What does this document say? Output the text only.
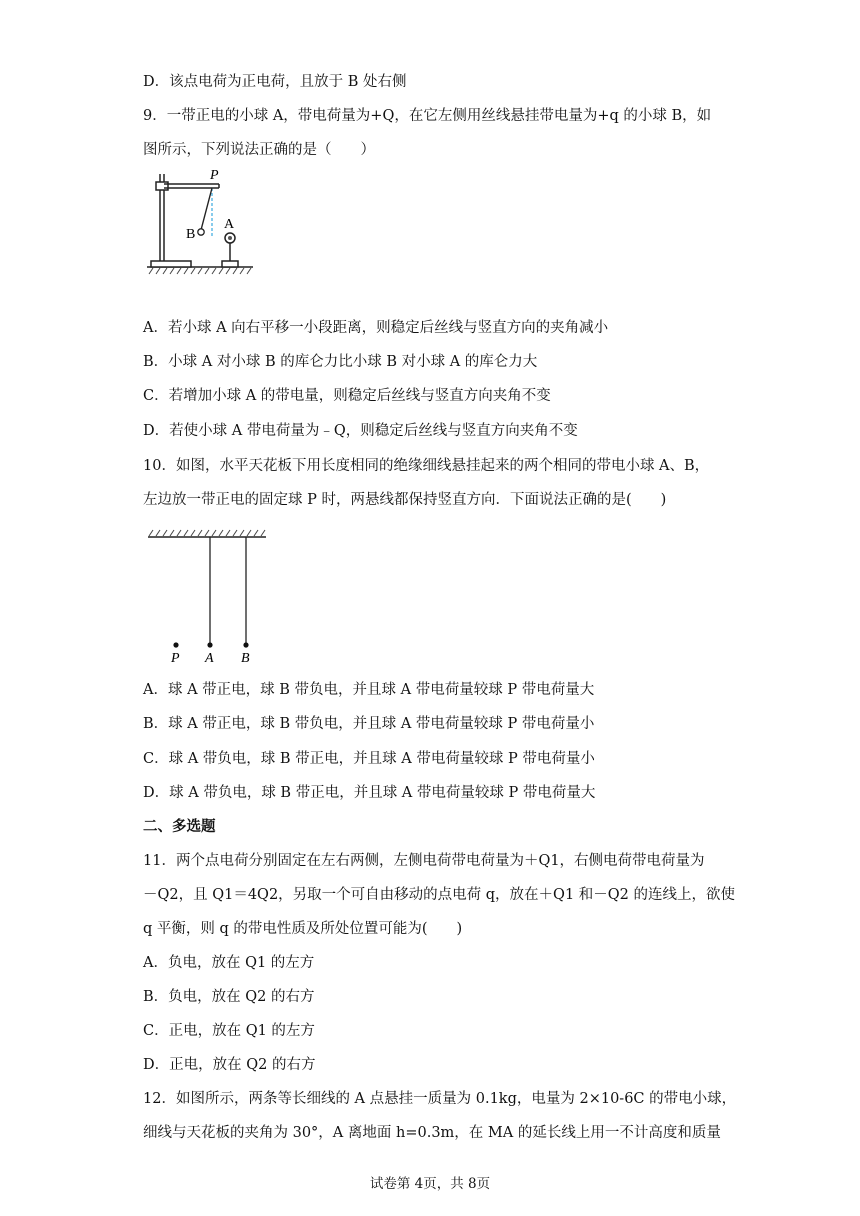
D．该点电荷为正电荷，且放于 B 处右侧
9．一带正电的小球 A，带电荷量为+Q，在它左侧用丝线悬挂带电量为+q 的小球 B，如
图所示，下列说法正确的是（　　）
P
A
B
A．若小球 A 向右平移一小段距离，则稳定后丝线与竖直方向的夹角减小
B．小球 A 对小球 B 的库仑力比小球 B 对小球 A 的库仑力大
C．若增加小球 A 的带电量，则稳定后丝线与竖直方向夹角不变
D．若使小球 A 带电荷量为﹣Q，则稳定后丝线与竖直方向夹角不变
10．如图，水平天花板下用长度相同的绝缘细线悬挂起来的两个相同的带电小球 A、B，
左边放一带正电的固定球 P 时，两悬线都保持竖直方向．下面说法正确的是(　　)
P A B
A．球 A 带正电，球 B 带负电，并且球 A 带电荷量较球 P 带电荷量大
B．球 A 带正电，球 B 带负电，并且球 A 带电荷量较球 P 带电荷量小
C．球 A 带负电，球 B 带正电，并且球 A 带电荷量较球 P 带电荷量小
D．球 A 带负电，球 B 带正电，并且球 A 带电荷量较球 P 带电荷量大
二、多选题
11．两个点电荷分别固定在左右两侧，左侧电荷带电荷量为＋Q1，右侧电荷带电荷量为
－Q2，且 Q1＝4Q2，另取一个可自由移动的点电荷 q，放在＋Q1 和－Q2 的连线上，欲使
q 平衡，则 q 的带电性质及所处位置可能为(　　)
A．负电，放在 Q1 的左方
B．负电，放在 Q2 的右方
C．正电，放在 Q1 的左方
D．正电，放在 Q2 的右方
12．如图所示，两条等长细线的 A 点悬挂一质量为 0.1kg，电量为 2×10-6C 的带电小球，
细线与天花板的夹角为 30°，A 离地面 h=0.3m，在 MA 的延长线上用一不计高度和质量
试卷第 4页，共 8页
